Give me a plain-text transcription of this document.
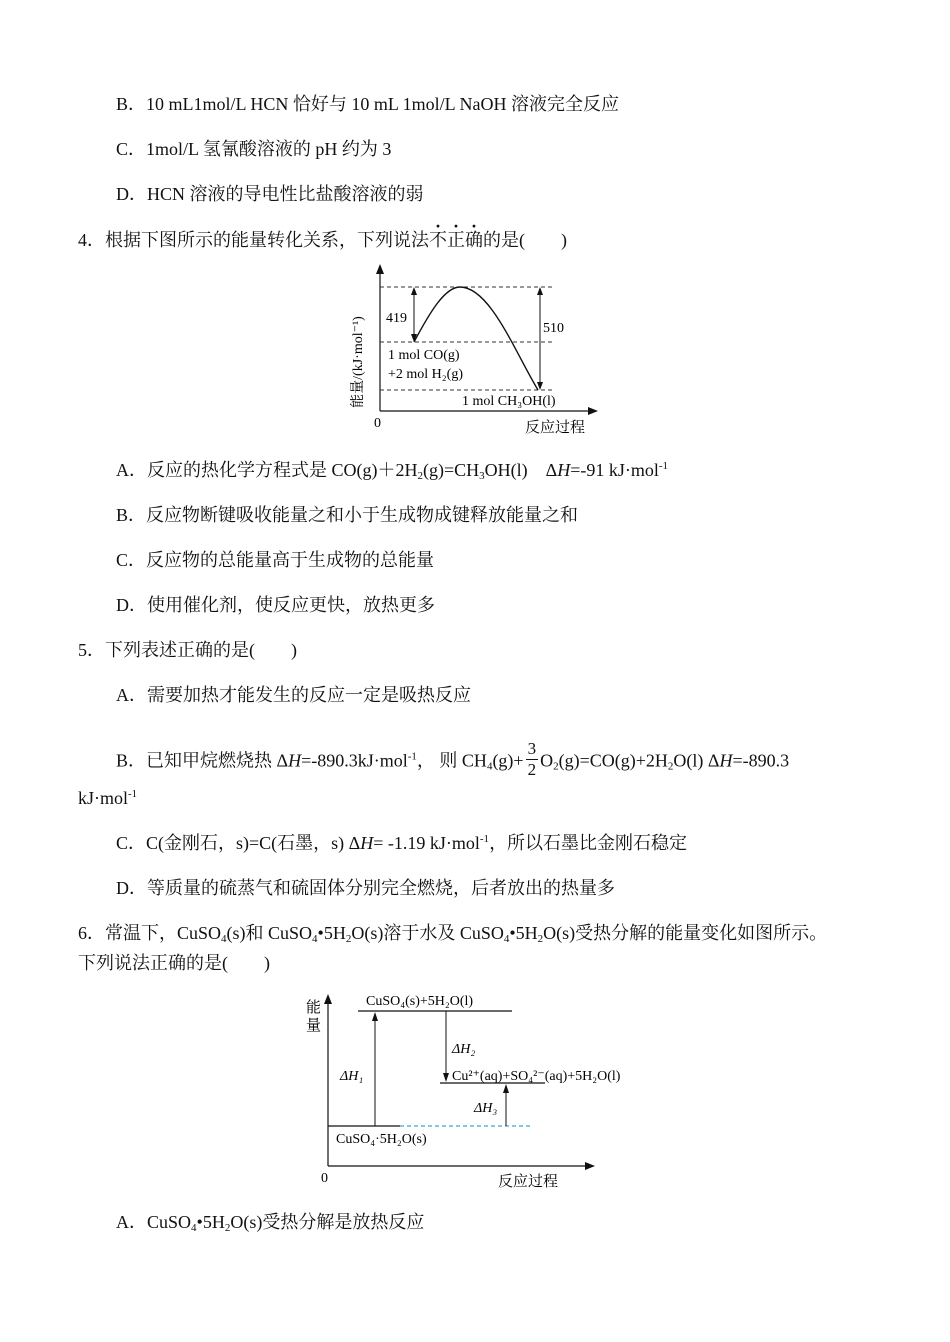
B．10 mL1mol/L HCN 恰好与 10 mL 1mol/L NaOH 溶液完全反应
C．1mol/L 氢氰酸溶液的 pH 约为 3
D．HCN 溶液的导电性比盐酸溶液的弱
4．根据下图所示的能量转化关系，下列说法不正确的是(　　)
能量/(kJ·mol⁻¹) 419
510
1 mol CO(g)
+2 mol H₂(g)
1 mol CH₃OH(l)
0	反应过程
A．反应的热化学方程式是 $CO(g)+2H_2(g)=CH_3OH(l)$　ΔH=-91 kJ·mol$^{-1}$
B．反应物断键吸收能量之和小于生成物成键释放能量之和
C．反应物的总能量高于生成物的总能量
D．使用催化剂，使反应更快，放热更多
5．下列表述正确的是(　　)
A．需要加热才能发生的反应一定是吸热反应
B．已知甲烷燃烧热 ΔH=-890.3kJ·mol$^{-1}$， 则 $CH_4(g)+ \frac{3}{2} O_2(g)=CO(g)+2H_2O(l)$ ΔH=-890.3
kJ·mol$^{-1}$
C．C(金刚石，s)=C(石墨，s) ΔH= -1.19 kJ·mol$^{-1}$，所以石墨比金刚石稳定
D．等质量的硫蒸气和硫固体分别完全燃烧，后者放出的热量多
6．常温下，CuSO$_4$(s)和 $CuSO_4•5H_2O(s)$溶于水及 $CuSO_4•5H_2O(s)$受热分解的能量变化如图所示。
下列说法正确的是(　　)
能
量
CuSO₄(s)+5H₂O(l)
Cu²⁺(aq)+SO₄²⁻(aq)+5H₂O(l)
CuSO₄·5H₂O(s)
ΔH₁
ΔH₂
ΔH₃
0	反应过程
A．$CuSO_4•5H_2O(s)$受热分解是放热反应
